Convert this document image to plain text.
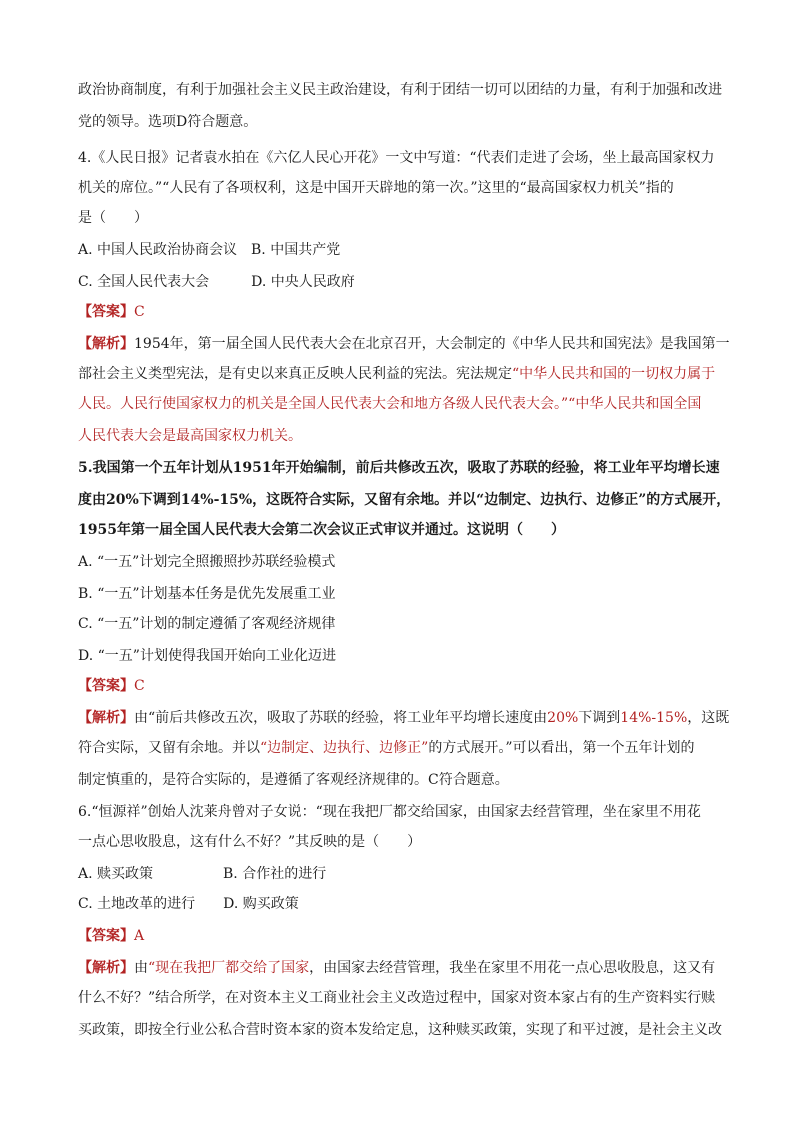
政治协商制度，有利于加强社会主义民主政治建设，有利于团结一切可以团结的力量，有利于加强和改进
党的领导。选项D符合题意。
4.《人民日报》记者袁水拍在《六亿人民心开花》一文中写道：“代表们走进了会场，坐上最高国家权力
机关的席位。”“人民有了各项权利，这是中国开天辟地的第一次。”这里的“最高国家权力机关”指的
是（　　）
A. 中国人民政治协商会议　B. 中国共产党
C. 全国人民代表大会　　　D. 中央人民政府
【答案】C
【解析】1954年，第一届全国人民代表大会在北京召开，大会制定的《中华人民共和国宪法》是我国第一
部社会主义类型宪法，是有史以来真正反映人民利益的宪法。宪法规定“中华人民共和国的一切权力属于
人民。人民行使国家权力的机关是全国人民代表大会和地方各级人民代表大会。”“中华人民共和国全国
人民代表大会是最高国家权力机关。
5.我国第一个五年计划从1951年开始编制，前后共修改五次，吸取了苏联的经验，将工业年平均增长速
度由20%下调到14%-15%，这既符合实际，又留有余地。并以“边制定、边执行、边修正”的方式展开，
1955年第一届全国人民代表大会第二次会议正式审议并通过。这说明（　　）
A. “一五”计划完全照搬照抄苏联经验模式
B. “一五”计划基本任务是优先发展重工业
C. “一五”计划的制定遵循了客观经济规律
D. “一五”计划使得我国开始向工业化迈进
【答案】C
【解析】由“前后共修改五次，吸取了苏联的经验，将工业年平均增长速度由20%下调到14%-15%，这既
符合实际，又留有余地。并以“边制定、边执行、边修正”的方式展开。”可以看出，第一个五年计划的
制定慎重的，是符合实际的，是遵循了客观经济规律的。C符合题意。
6.“恒源祥”创始人沈莱舟曾对子女说：“现在我把厂都交给国家，由国家去经营管理，坐在家里不用花
一点心思收股息，这有什么不好？”其反映的是（　　）
A. 赎买政策　　　　　B. 合作社的进行
C. 土地改革的进行　　D. 购买政策
【答案】A
【解析】由“现在我把厂都交给了国家，由国家去经营管理，我坐在家里不用花一点心思收股息，这又有
什么不好？”结合所学，在对资本主义工商业社会主义改造过程中，国家对资本家占有的生产资料实行赎
买政策，即按全行业公私合营时资本家的资本发给定息，这种赎买政策，实现了和平过渡，是社会主义改
